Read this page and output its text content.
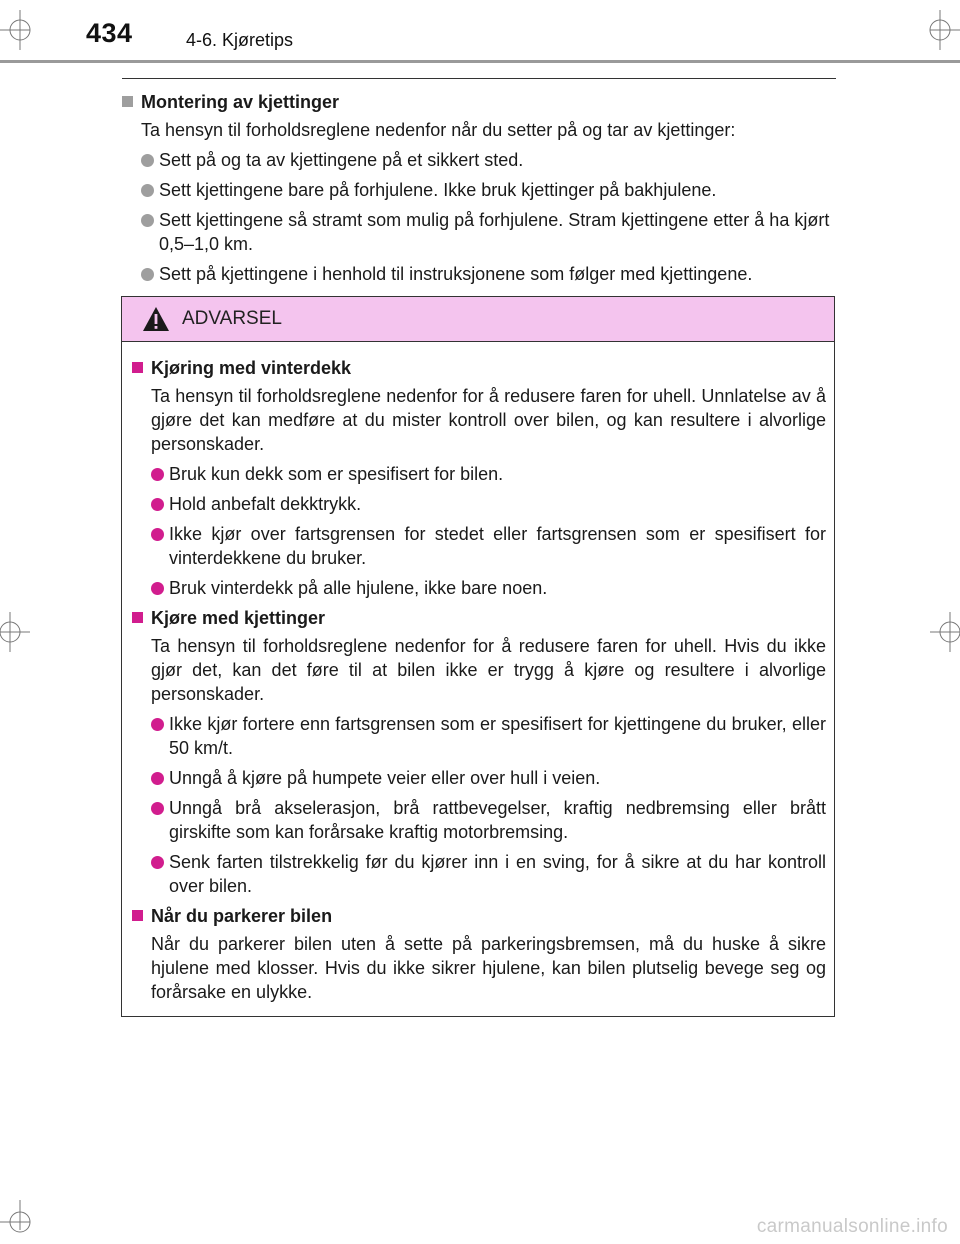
434	4-6. Kjøretips
Montering av kjettinger
Ta hensyn til forholdsreglene nedenfor når du setter på og tar av kjettinger:
Sett på og ta av kjettingene på et sikkert sted.
Sett kjettingene bare på forhjulene. Ikke bruk kjettinger på bakhjulene.
Sett kjettingene så stramt som mulig på forhjulene. Stram kjettingene etter å ha kjørt 0,5–1,0 km.
Sett på kjettingene i henhold til instruksjonene som følger med kjettingene.
ADVARSEL
Kjøring med vinterdekk
Ta hensyn til forholdsreglene nedenfor for å redusere faren for uhell. Unnlatelse av å gjøre det kan medføre at du mister kontroll over bilen, og kan resultere i alvorlige personskader.
Bruk kun dekk som er spesifisert for bilen.
Hold anbefalt dekktrykk.
Ikke kjør over fartsgrensen for stedet eller fartsgrensen som er spesifisert for vinterdekkene du bruker.
Bruk vinterdekk på alle hjulene, ikke bare noen.
Kjøre med kjettinger
Ta hensyn til forholdsreglene nedenfor for å redusere faren for uhell. Hvis du ikke gjør det, kan det føre til at bilen ikke er trygg å kjøre og resultere i alvorlige personskader.
Ikke kjør fortere enn fartsgrensen som er spesifisert for kjettingene du bruker, eller 50 km/t.
Unngå å kjøre på humpete veier eller over hull i veien.
Unngå brå akselerasjon, brå rattbevegelser, kraftig nedbremsing eller brått girskifte som kan forårsake kraftig motorbremsing.
Senk farten tilstrekkelig før du kjører inn i en sving, for å sikre at du har kontroll over bilen.
Når du parkerer bilen
Når du parkerer bilen uten å sette på parkeringsbremsen, må du huske å sikre hjulene med klosser. Hvis du ikke sikrer hjulene, kan bilen plutselig bevege seg og forårsake en ulykke.
carmanualsonline.info
